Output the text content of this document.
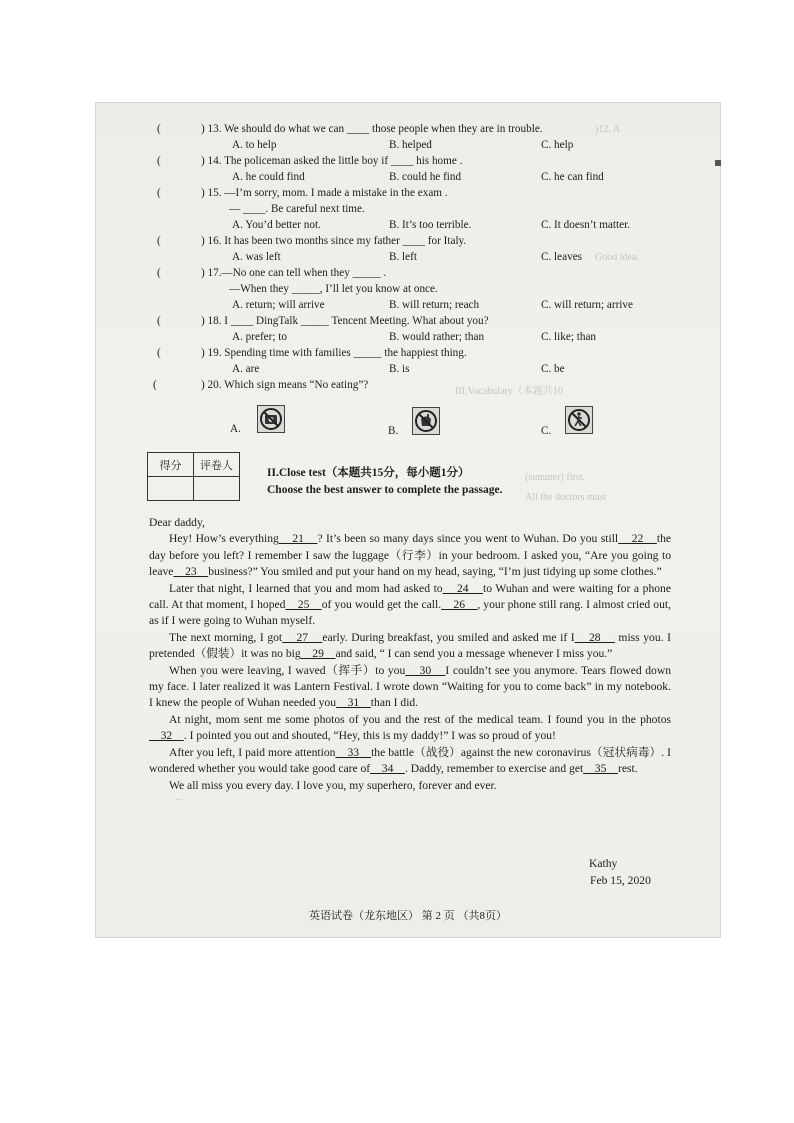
)12. A
Good idea.
III.Vocabulary（本题共10
(summer) first.
All the doctors must
...
(	) 13. We should do what we can ____ those people when they are in trouble.
A. to help	B. helped	C. help
(	) 14. The policeman asked the little boy if ____ his home .
A. he could find	B. could he find	C. he can find
(	) 15. —I’m sorry, mom. I made a mistake in the exam .
— ____. Be careful next time.
A. You’d better not.	B. It’s too terrible.	C. It doesn’t matter.
(	) 16. It has been two months since my father ____ for Italy.
A. was left	B. left	C. leaves
(	) 17.—No one can tell when they _____ .
—When they _____, I’ll let you know at once.
A. return; will arrive	B. will return; reach	C. will return; arrive
(	) 18. I ____ DingTalk _____ Tencent Meeting. What about you?
A. prefer; to	B. would rather; than	C. like; than
(	) 19. Spending time with families _____ the happiest thing.
A. are	B. is	C. be
(	) 20. Which sign means “No eating”?
A.	B.	C.
得分	评卷人

II.Close test（本题共15分，每小题1分）
Choose the best answer to complete the passage.

Dear daddy,

Hey! How’s everything    21    ? It’s been so many days since you went to Wuhan. Do you still    22    the day before you left? I remember I saw the luggage（行李）in your bedroom. I asked you, “Are you going to leave    23    business?” You smiled and put your hand on my head, saying, “I’m just tidying up some clothes.”

Later that night, I learned that you and mom had asked to    24    to Wuhan and were waiting for a phone call. At that moment, I hoped    25    of you would get the call.    26    , your phone still rang. I almost cried out, as if I were going to Wuhan myself.

The next morning, I got    27    early. During breakfast, you smiled and asked me if I    28     miss you. I pretended（假装）it was no big    29    and said, “ I can send you a message whenever I miss you.”

When you were leaving, I waved（挥手）to you    30    I couldn’t see you anymore. Tears flowed down my face. I later realized it was Lantern Festival. I wrote down “Waiting for you to come back” in my notebook. I knew the people of Wuhan needed you    31    than I did.

At night, mom sent me some photos of you and the rest of the medical team. I found you in the photos    32    . I pointed you out and shouted, “Hey, this is my daddy!” I was so proud of you!

After you left, I paid more attention    33    the battle（战役）against the new coronavirus（冠状病毒）. I wondered whether you would take good care of    34    . Daddy, remember to exercise and get    35    rest.

We all miss you every day. I love you, my superhero, forever and ever.

Kathy
Feb 15, 2020
英语试卷（龙东地区） 第 2 页 （共8页）
